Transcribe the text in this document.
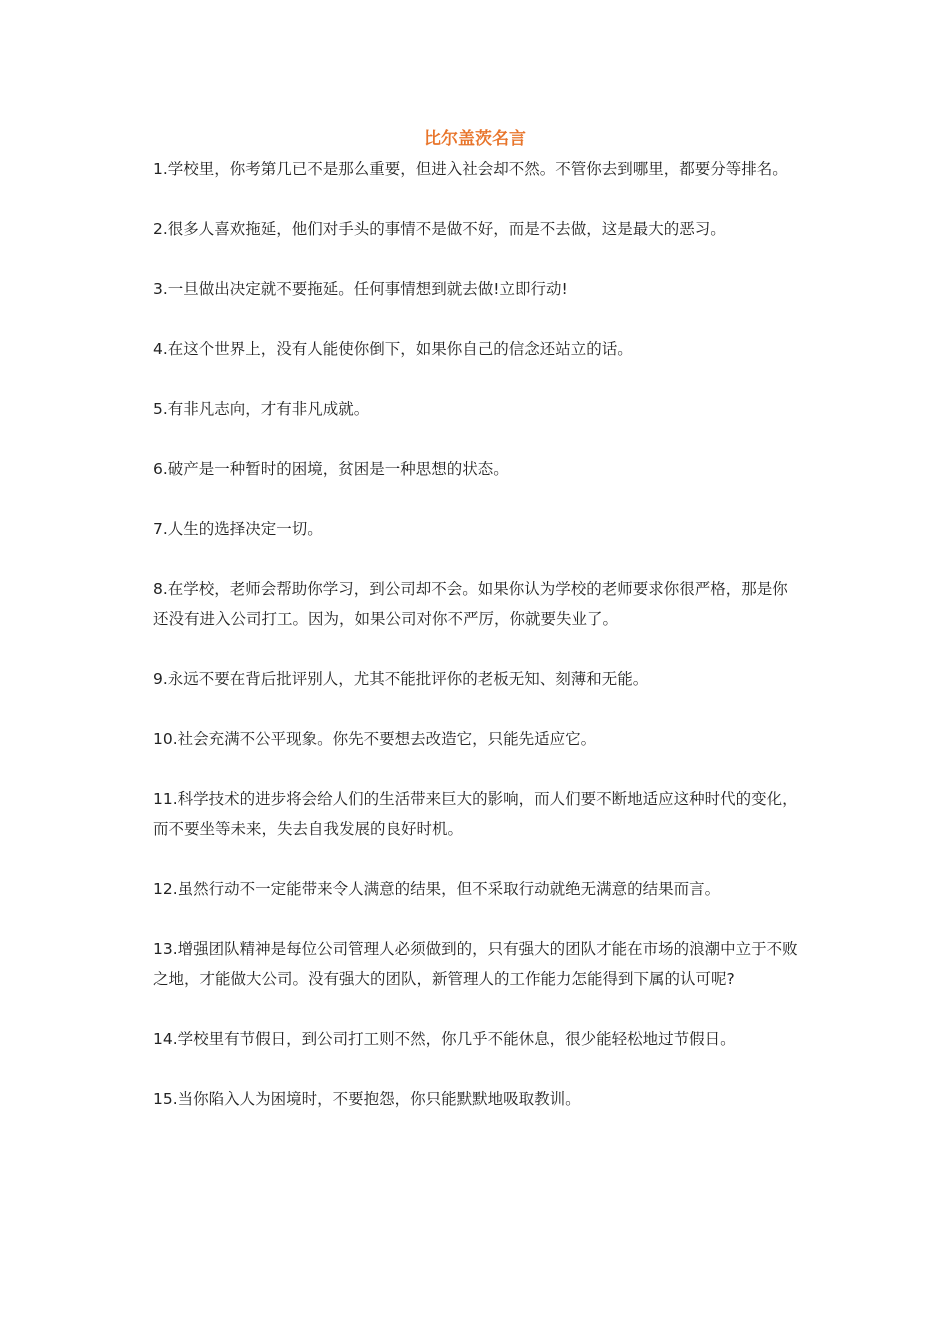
比尔盖茨名言

1.学校里，你考第几已不是那么重要，但进入社会却不然。不管你去到哪里，都要分等排名。

2.很多人喜欢拖延，他们对手头的事情不是做不好，而是不去做，这是最大的恶习。

3.一旦做出决定就不要拖延。任何事情想到就去做!立即行动!

4.在这个世界上，没有人能使你倒下，如果你自己的信念还站立的话。

5.有非凡志向，才有非凡成就。

6.破产是一种暂时的困境，贫困是一种思想的状态。

7.人生的选择决定一切。

8.在学校，老师会帮助你学习，到公司却不会。如果你认为学校的老师要求你很严格，那是你还没有进入公司打工。因为，如果公司对你不严厉，你就要失业了。

9.永远不要在背后批评别人，尤其不能批评你的老板无知、刻薄和无能。

10.社会充满不公平现象。你先不要想去改造它，只能先适应它。

11.科学技术的进步将会给人们的生活带来巨大的影响，而人们要不断地适应这种时代的变化，而不要坐等未来，失去自我发展的良好时机。

12.虽然行动不一定能带来令人满意的结果，但不采取行动就绝无满意的结果而言。

13.增强团队精神是每位公司管理人必须做到的，只有强大的团队才能在市场的浪潮中立于不败之地，才能做大公司。没有强大的团队，新管理人的工作能力怎能得到下属的认可呢?

14.学校里有节假日，到公司打工则不然，你几乎不能休息，很少能轻松地过节假日。

15.当你陷入人为困境时，不要抱怨，你只能默默地吸取教训。
